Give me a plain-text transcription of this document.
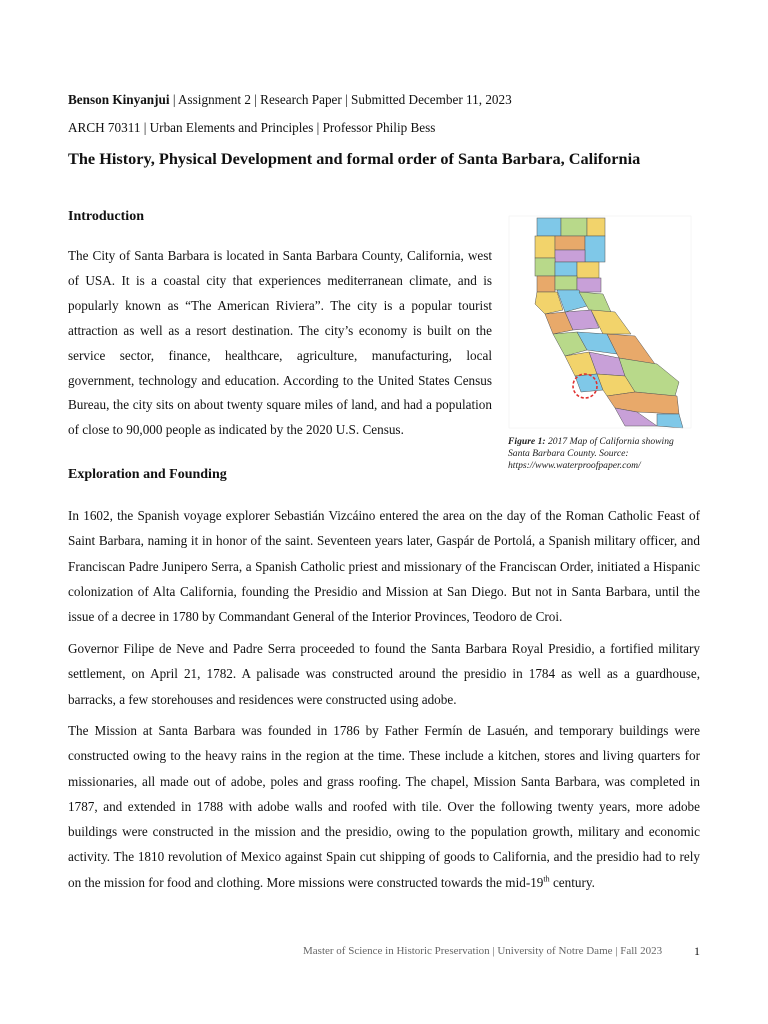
Benson Kinyanjui | Assignment 2 | Research Paper | Submitted December 11, 2023
ARCH 70311 | Urban Elements and Principles | Professor Philip Bess
The History, Physical Development and formal order of Santa Barbara, California
Introduction

The City of Santa Barbara is located in Santa Barbara County, California, west of USA. It is a coastal city that experiences mediterranean climate, and is popularly known as “The American Riviera”. The city is a popular tourist attraction as well as a resort destination. The city’s economy is built on the service sector, finance, healthcare, agriculture, manufacturing, local government, technology and education. According to the United States Census Bureau, the city sits on about twenty square miles of land, and had a population of close to 90,000 people as indicated by the 2020 U.S. Census.

Figure 1: 2017 Map of California showing Santa Barbara County. Source: https://www.waterproofpaper.com/
Exploration and Founding

In 1602, the Spanish voyage explorer Sebastián Vizcáino entered the area on the day of the Roman Catholic Feast of Saint Barbara, naming it in honor of the saint. Seventeen years later, Gaspár de Portolá, a Spanish military officer, and Franciscan Padre Junipero Serra, a Spanish Catholic priest and missionary of the Franciscan Order, initiated a Hispanic colonization of Alta California, founding the Presidio and Mission at San Diego. But not in Santa Barbara, until the issue of a decree in 1780 by Commandant General of the Interior Provinces, Teodoro de Croi.

Governor Filipe de Neve and Padre Serra proceeded to found the Santa Barbara Royal Presidio, a fortified military settlement, on April 21, 1782. A palisade was constructed around the presidio in 1784 as well as a guardhouse, barracks, a few storehouses and residences were constructed using adobe.

The Mission at Santa Barbara was founded in 1786 by Father Fermín de Lasuén, and temporary buildings were constructed owing to the heavy rains in the region at the time. These include a kitchen, stores and living quarters for missionaries, all made out of adobe, poles and grass roofing. The chapel, Mission Santa Barbara, was completed in 1787, and extended in 1788 with adobe walls and roofed with tile. Over the following twenty years, more adobe buildings were constructed in the mission and the presidio, owing to the population growth, military and economic activity. The 1810 revolution of Mexico against Spain cut shipping of goods to California, and the presidio had to rely on the mission for food and clothing. More missions were constructed towards the mid-19th century.

Master of Science in Historic Preservation | University of Notre Dame | Fall 2023	1
